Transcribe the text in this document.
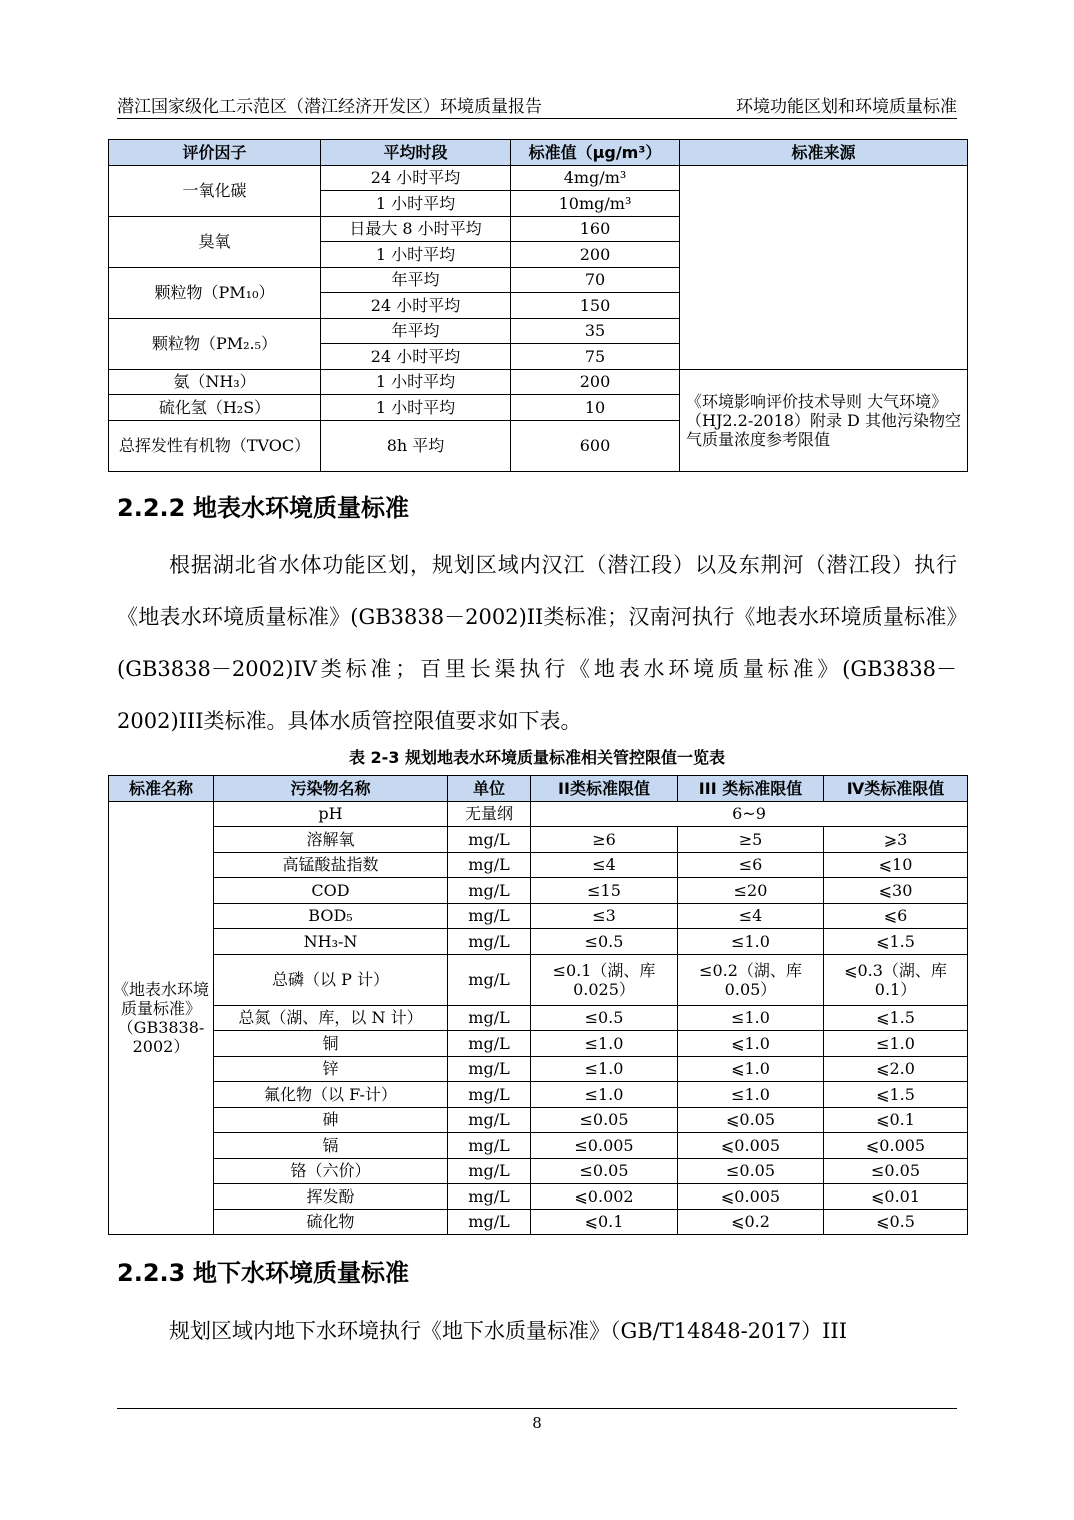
潜江国家级化工示范区（潜江经济开发区）环境质量报告	环境功能区划和环境质量标准
评价因子	平均时段	标准值（μg/m³）	标准来源
一氧化碳	24 小时平均	4mg/m³	
	1 小时平均	10mg/m³	
臭氧	日最大 8 小时平均	160	
	1 小时平均	200	
颗粒物（PM₁₀）	年平均	70	
	24 小时平均	150	
颗粒物（PM₂.₅）	年平均	35	
	24 小时平均	75	
氨（NH₃）	1 小时平均	200	《环境影响评价技术导则 大气环境》（HJ2.2-2018）附录 D 其他污染物空气质量浓度参考限值
硫化氢（H₂S）	1 小时平均	10	
总挥发性有机物（TVOC）	8h 平均	600	
2.2.2 地表水环境质量标准
根据湖北省水体功能区划，规划区域内汉江（潜江段）以及东荆河（潜江段）执行《地表水环境质量标准》(GB3838－2002)II类标准；汉南河执行《地表水环境质量标准》(GB3838－2002)IV类标准；百里长渠执行《地表水环境质量标准》(GB3838－2002)III类标准。具体水质管控限值要求如下表。
表 2-3 规划地表水环境质量标准相关管控限值一览表
标准名称	污染物名称	单位	II类标准限值	III 类标准限值	Ⅳ类标准限值
《地表水环境质量标准》（GB3838-2002）	pH	无量纲	6~9		
	溶解氧	mg/L	≥6	≥5	⩾3
	高锰酸盐指数	mg/L	≤4	≤6	⩽10
	COD	mg/L	≤15	≤20	⩽30
	BOD₅	mg/L	≤3	≤4	⩽6
	NH₃-N	mg/L	≤0.5	≤1.0	⩽1.5
	总磷（以 P 计）	mg/L	≤0.1（湖、库 0.025）	≤0.2（湖、库 0.05）	⩽0.3（湖、库 0.1）
	总氮（湖、库，以 N 计）	mg/L	≤0.5	≤1.0	⩽1.5
	铜	mg/L	≤1.0	⩽1.0	≤1.0
	锌	mg/L	≤1.0	⩽1.0	⩽2.0
	氟化物（以 F-计）	mg/L	≤1.0	≤1.0	⩽1.5
	砷	mg/L	≤0.05	⩽0.05	⩽0.1
	镉	mg/L	≤0.005	⩽0.005	⩽0.005
	铬（六价）	mg/L	≤0.05	≤0.05	≤0.05
	挥发酚	mg/L	⩽0.002	⩽0.005	⩽0.01
	硫化物	mg/L	⩽0.1	⩽0.2	⩽0.5
2.2.3 地下水环境质量标准
规划区域内地下水环境执行《地下水质量标准》（GB/T14848-2017）III
8
